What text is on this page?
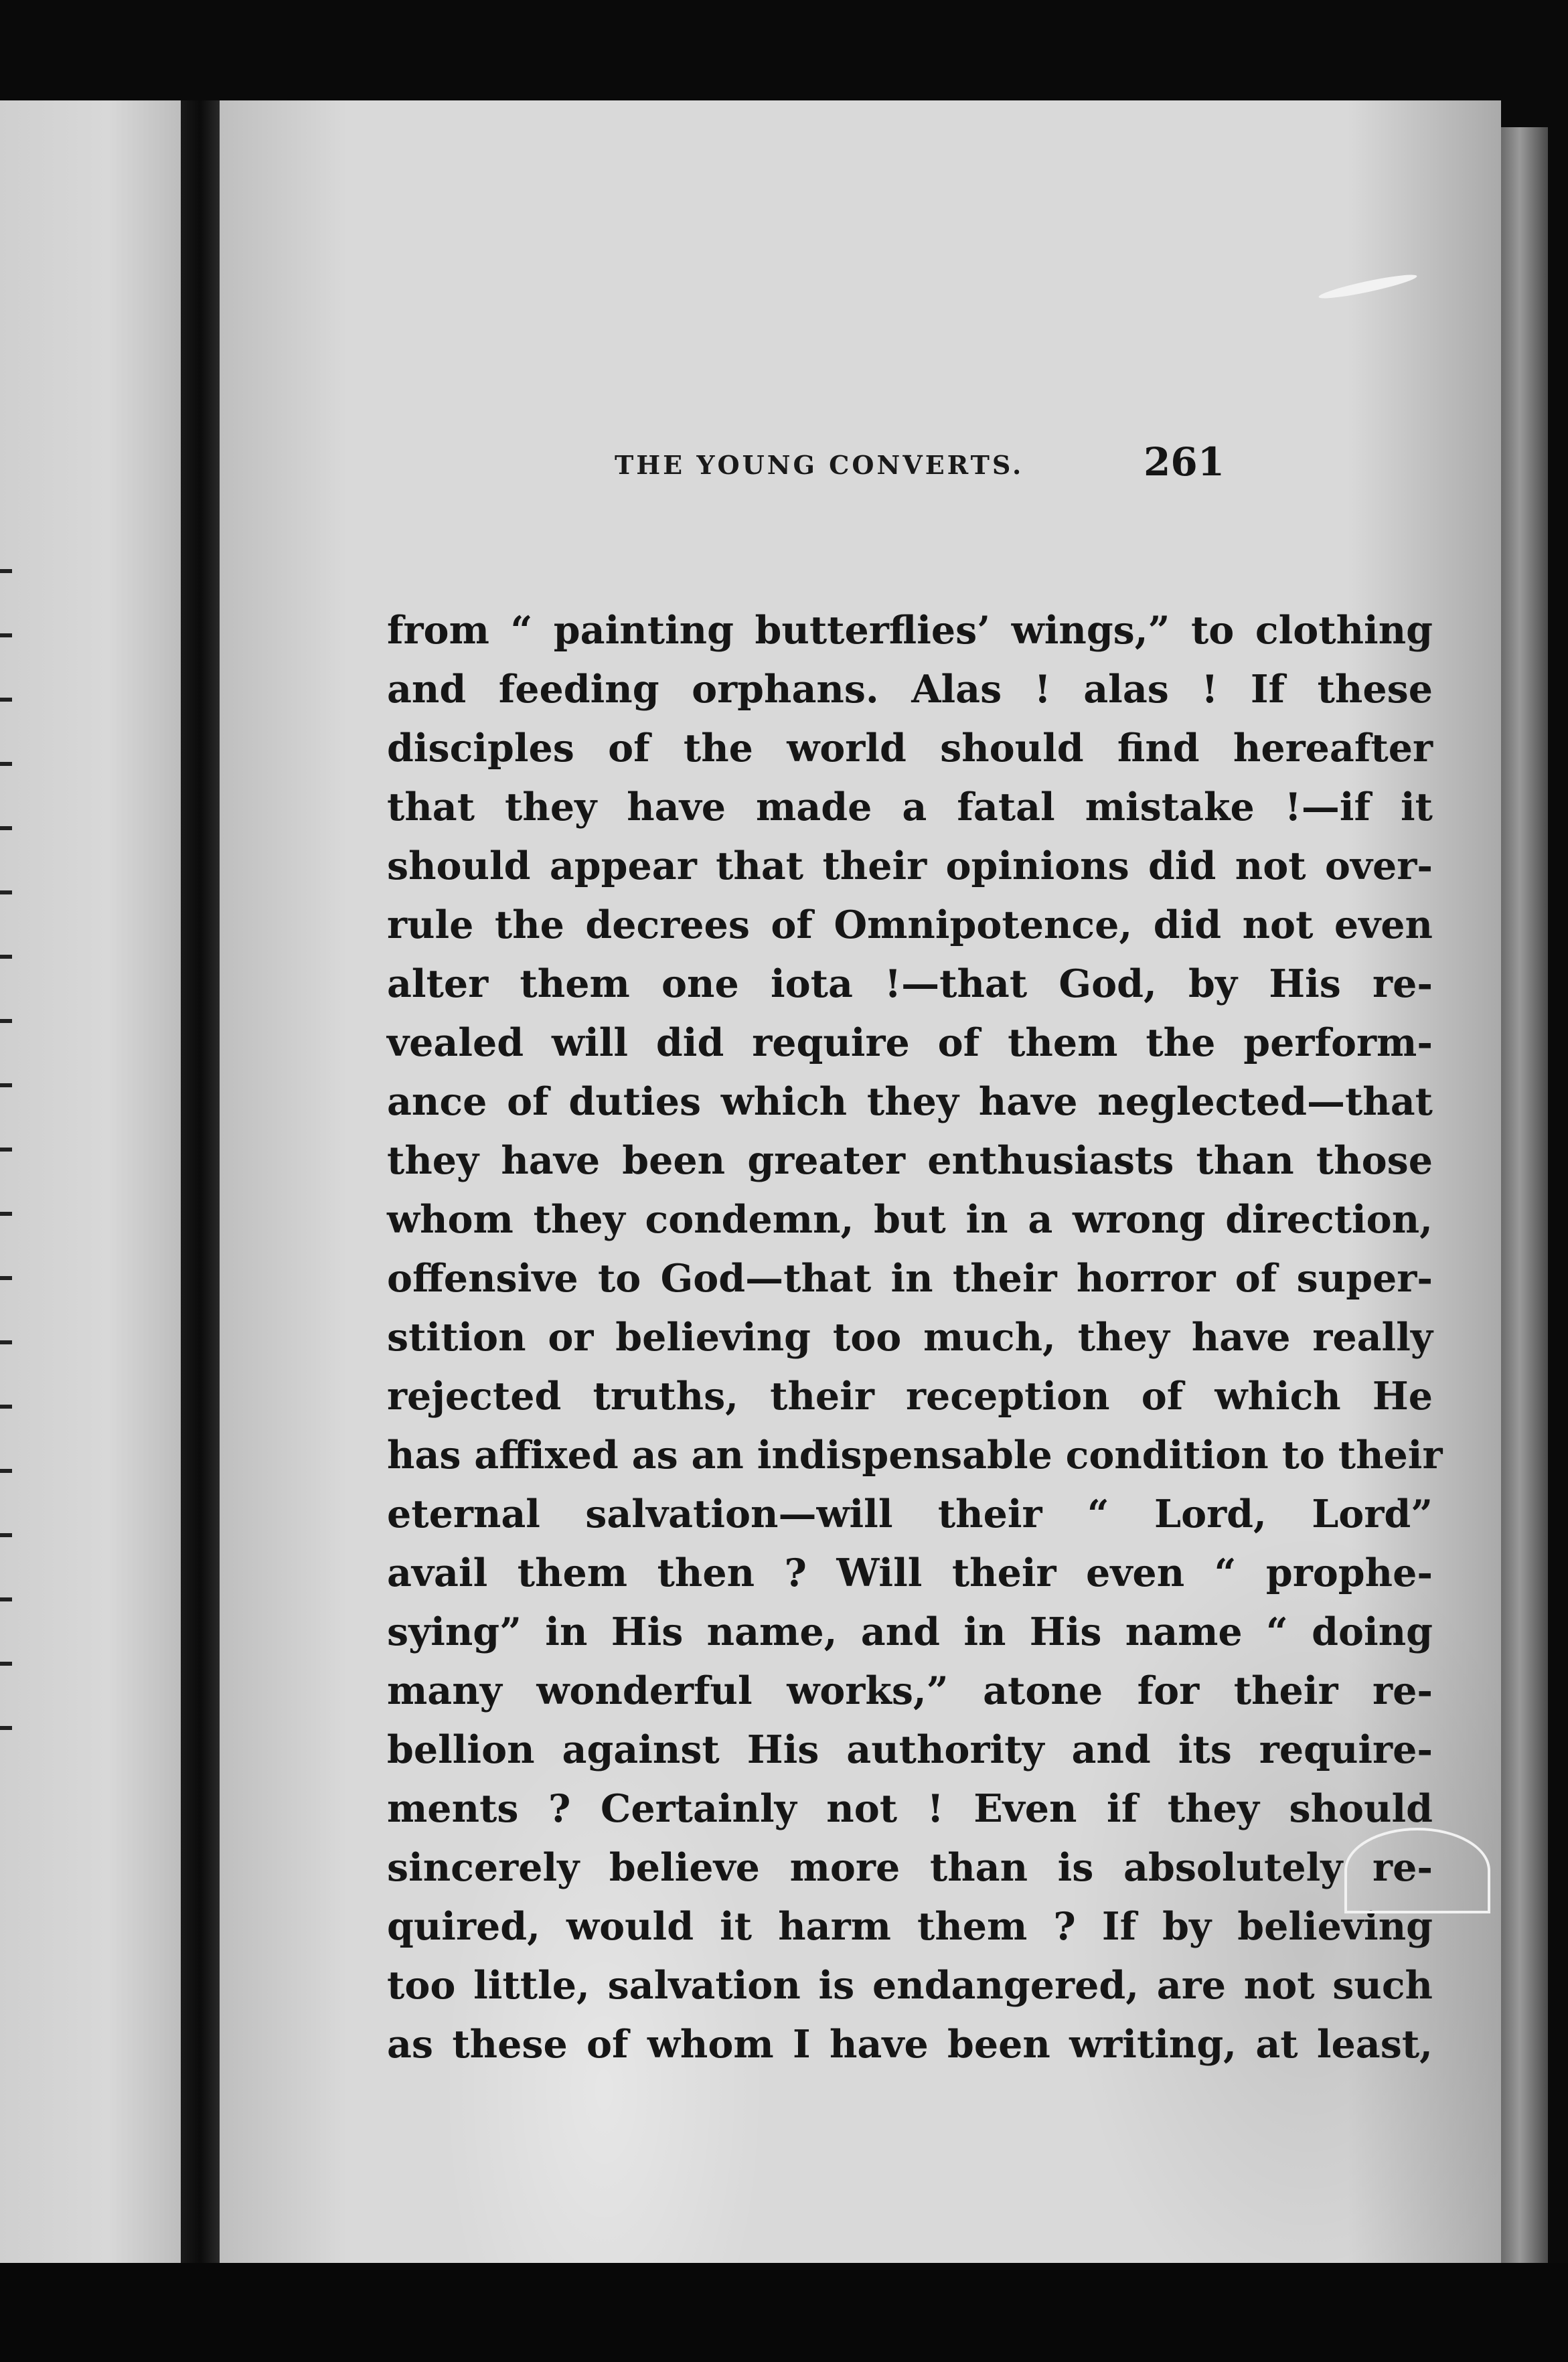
THE YOUNG CONVERTS.	261
from “ painting butterflies’ wings,” to clothing
and feeding orphans. Alas ! alas ! If these
disciples of the world should find hereafter
that they have made a fatal mistake !—if it
should appear that their opinions did not over-
rule the decrees of Omnipotence, did not even
alter them one iota !—that God, by His re-
vealed will did require of them the perform-
ance of duties which they have neglected—that
they have been greater enthusiasts than those
whom they condemn, but in a wrong direction,
offensive to God—that in their horror of super-
stition or believing too much, they have really
rejected truths, their reception of which He
has affixed as an indispensable condition to their
eternal salvation—will their “ Lord, Lord”
avail them then ? Will their even “ prophe-
sying” in His name, and in His name “ doing
many wonderful works,” atone for their re-
bellion against His authority and its require-
ments ? Certainly not ! Even if they should
sincerely believe more than is absolutely re-
quired, would it harm them ? If by believing
too little, salvation is endangered, are not such
as these of whom I have been writing, at least,
